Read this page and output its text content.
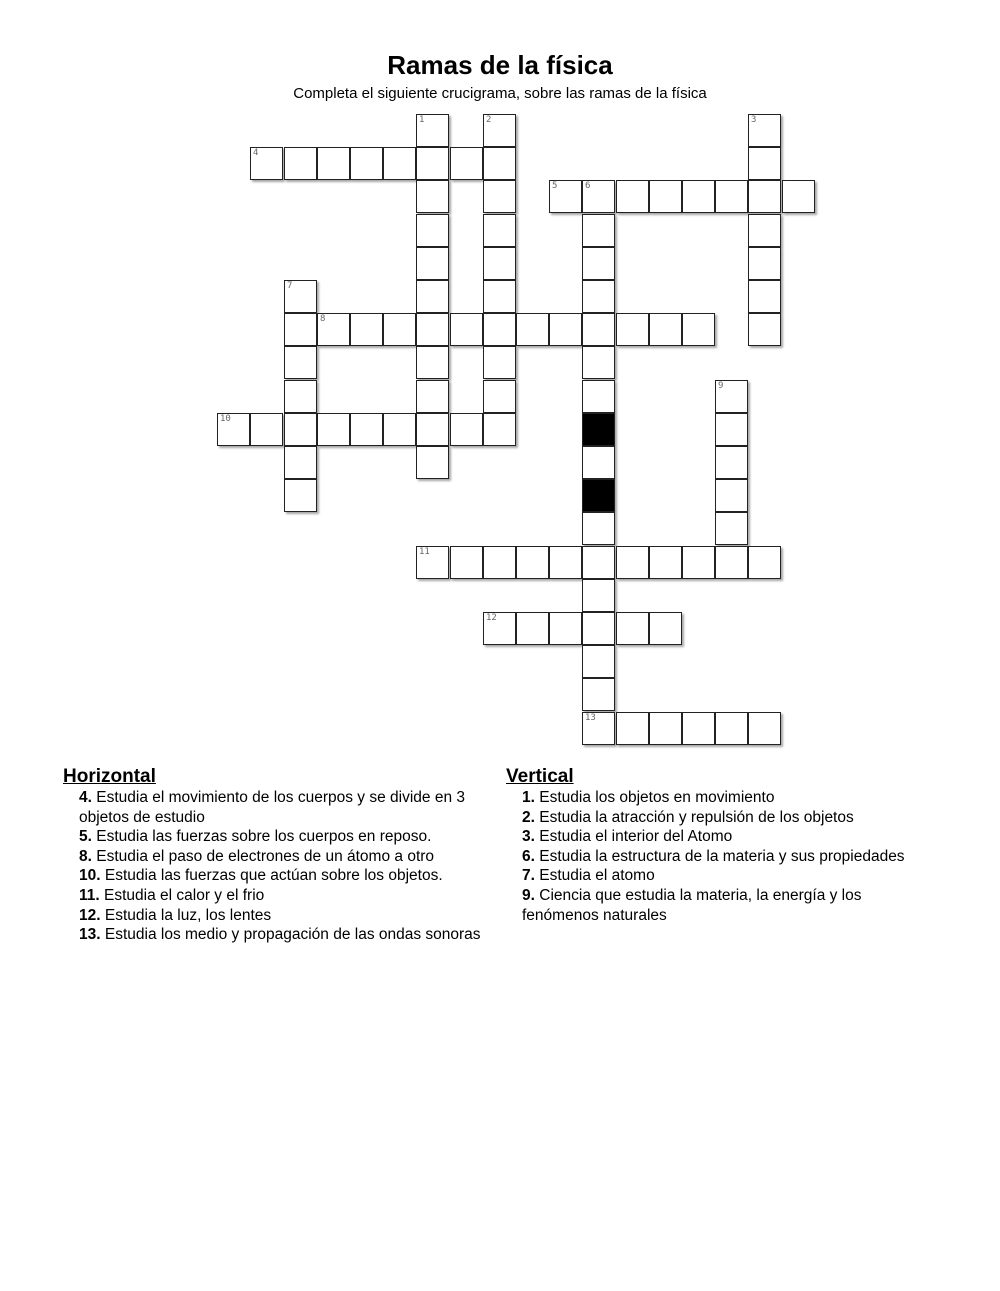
Ramas de la física
Completa el siguiente crucigrama, sobre las ramas de la física
1	2	3
4
5	6
7
8
9
10
11
12
13
Horizontal
4. Estudia el movimiento de los cuerpos y se divide en 3 objetos de estudio
5. Estudia las fuerzas sobre los cuerpos en reposo.
8. Estudia el paso de electrones de un átomo a otro
10. Estudia las fuerzas que actúan sobre los objetos.
11. Estudia el calor y el frio
12. Estudia la luz, los lentes
13. Estudia los medio y propagación de las ondas sonoras
Vertical
1. Estudia los objetos en movimiento
2. Estudia la atracción y repulsión de los objetos
3. Estudia el interior del Atomo
6. Estudia la estructura de la materia y sus propiedades
7. Estudia el atomo
9. Ciencia que estudia la materia, la energía y los fenómenos naturales
